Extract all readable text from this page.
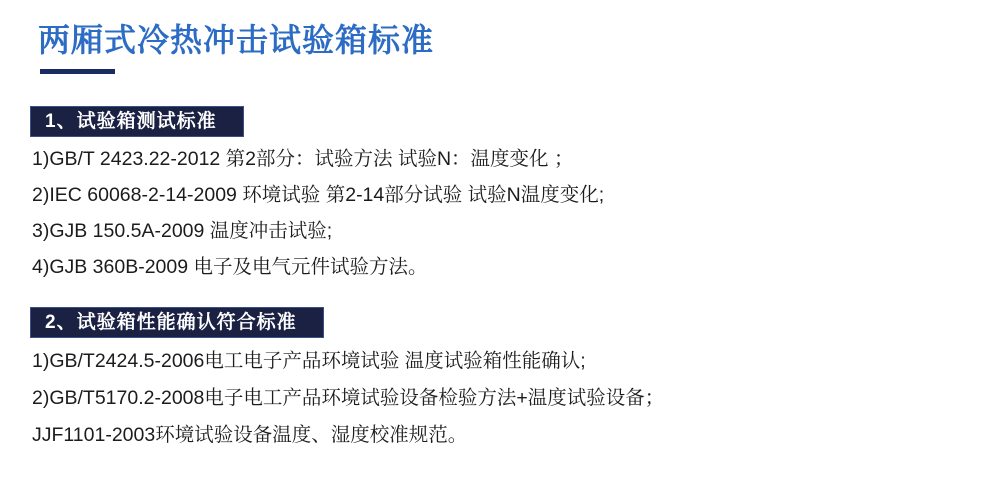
两厢式冷热冲击试验箱标准
1、试验箱测试标准
1)GB/T 2423.22-2012 第2部分：试验方法 试验N：温度变化 ；
2)IEC 60068-2-14-2009 环境试验 第2-14部分试验 试验N温度变化;
3)GJB 150.5A-2009 温度冲击试验;
4)GJB 360B-2009 电子及电气元件试验方法。
2、试验箱性能确认符合标准
1)GB/T2424.5-2006电工电子产品环境试验 温度试验箱性能确认;
2)GB/T5170.2-2008电子电工产品环境试验设备检验方法+温度试验设备；
JJF1101-2003环境试验设备温度、湿度校准规范。
